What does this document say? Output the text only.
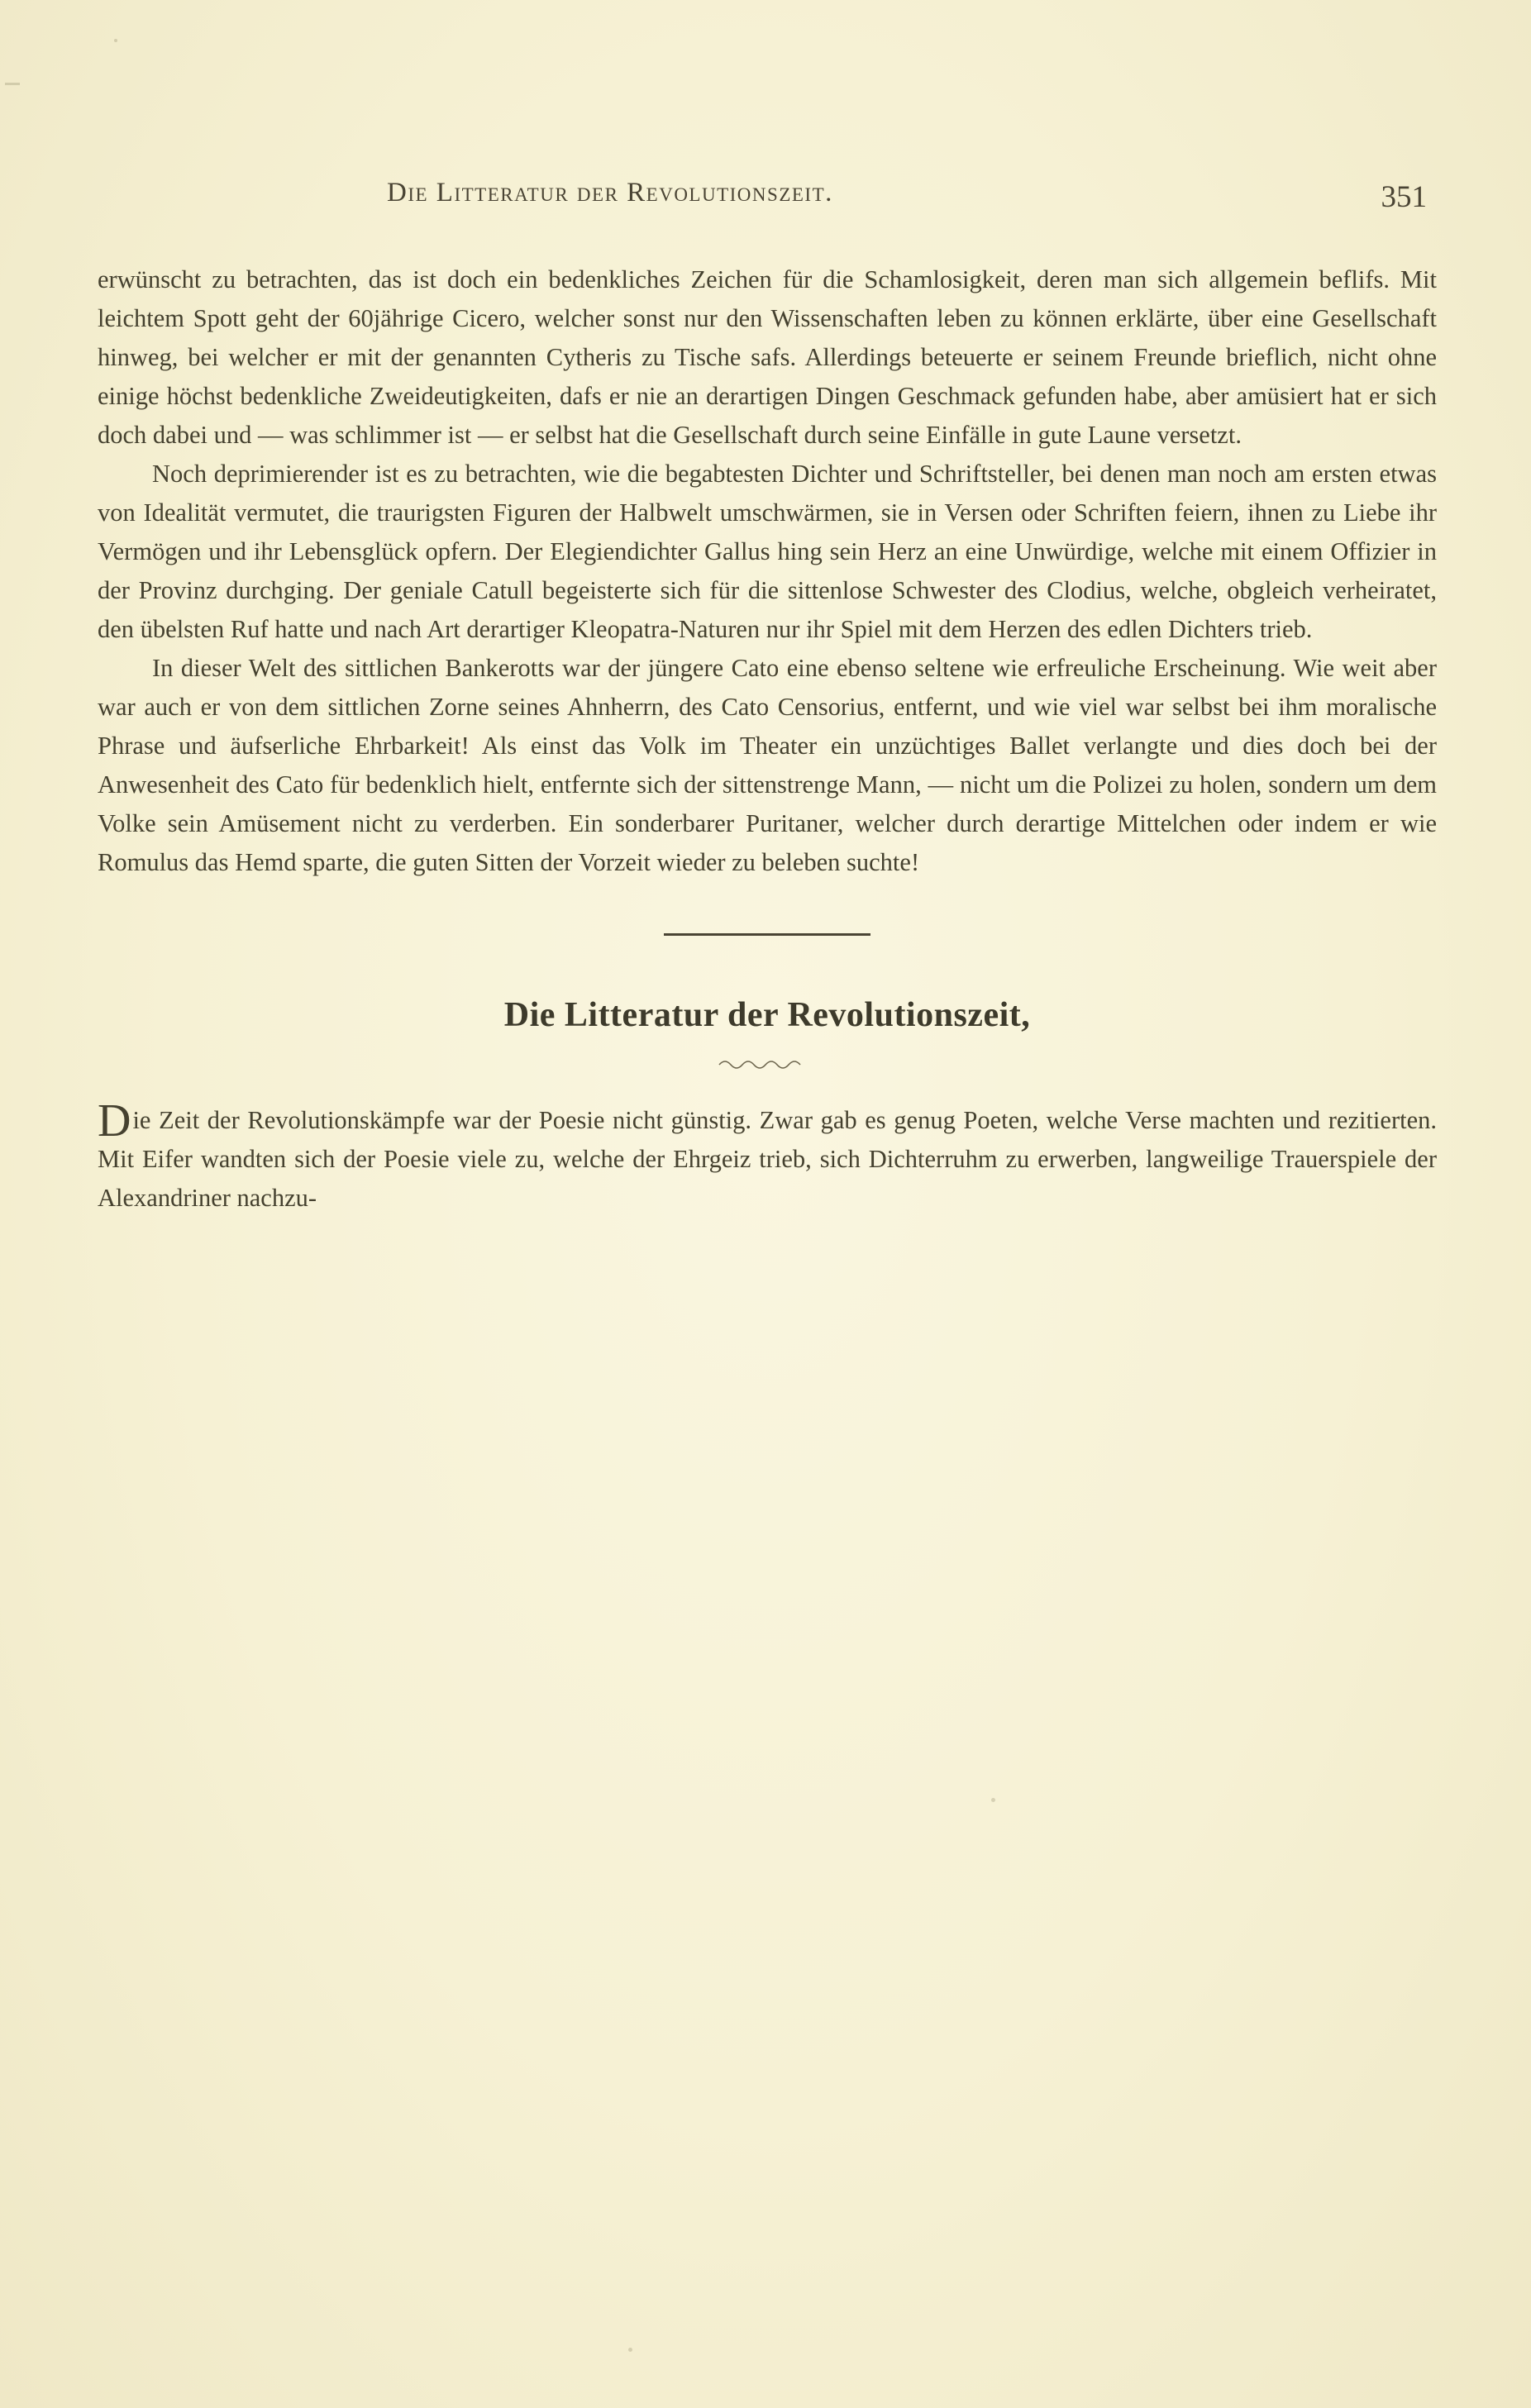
Die Litteratur der Revolutionszeit.	351

erwünscht zu betrachten, das ist doch ein bedenkliches Zeichen für die Schamlosigkeit, deren man sich allgemein beflifs. Mit leichtem Spott geht der 60jährige Cicero, welcher sonst nur den Wissenschaften leben zu können erklärte, über eine Gesellschaft hinweg, bei welcher er mit der genannten Cytheris zu Tische safs. Allerdings beteuerte er seinem Freunde brieflich, nicht ohne einige höchst bedenkliche Zweideutigkeiten, dafs er nie an derartigen Dingen Geschmack gefunden habe, aber amüsiert hat er sich doch dabei und — was schlimmer ist — er selbst hat die Gesellschaft durch seine Einfälle in gute Laune versetzt.

Noch deprimierender ist es zu betrachten, wie die begabtesten Dichter und Schriftsteller, bei denen man noch am ersten etwas von Idealität vermutet, die traurigsten Figuren der Halbwelt umschwärmen, sie in Versen oder Schriften feiern, ihnen zu Liebe ihr Vermögen und ihr Lebensglück opfern. Der Elegiendichter Gallus hing sein Herz an eine Unwürdige, welche mit einem Offizier in der Provinz durchging. Der geniale Catull begeisterte sich für die sittenlose Schwester des Clodius, welche, obgleich verheiratet, den übelsten Ruf hatte und nach Art derartiger Kleopatra-Naturen nur ihr Spiel mit dem Herzen des edlen Dichters trieb.

In dieser Welt des sittlichen Bankerotts war der jüngere Cato eine ebenso seltene wie erfreuliche Erscheinung. Wie weit aber war auch er von dem sittlichen Zorne seines Ahnherrn, des Cato Censorius, entfernt, und wie viel war selbst bei ihm moralische Phrase und äufserliche Ehrbarkeit! Als einst das Volk im Theater ein unzüchtiges Ballet verlangte und dies doch bei der Anwesenheit des Cato für bedenklich hielt, entfernte sich der sittenstrenge Mann, — nicht um die Polizei zu holen, sondern um dem Volke sein Amüsement nicht zu verderben. Ein sonderbarer Puritaner, welcher durch derartige Mittelchen oder indem er wie Romulus das Hemd sparte, die guten Sitten der Vorzeit wieder zu beleben suchte!

Die Litteratur der Revolutionszeit,

Die Zeit der Revolutionskämpfe war der Poesie nicht günstig. Zwar gab es genug Poeten, welche Verse machten und rezitierten. Mit Eifer wandten sich der Poesie viele zu, welche der Ehrgeiz trieb, sich Dichterruhm zu erwerben, langweilige Trauerspiele der Alexandriner nachzu-
